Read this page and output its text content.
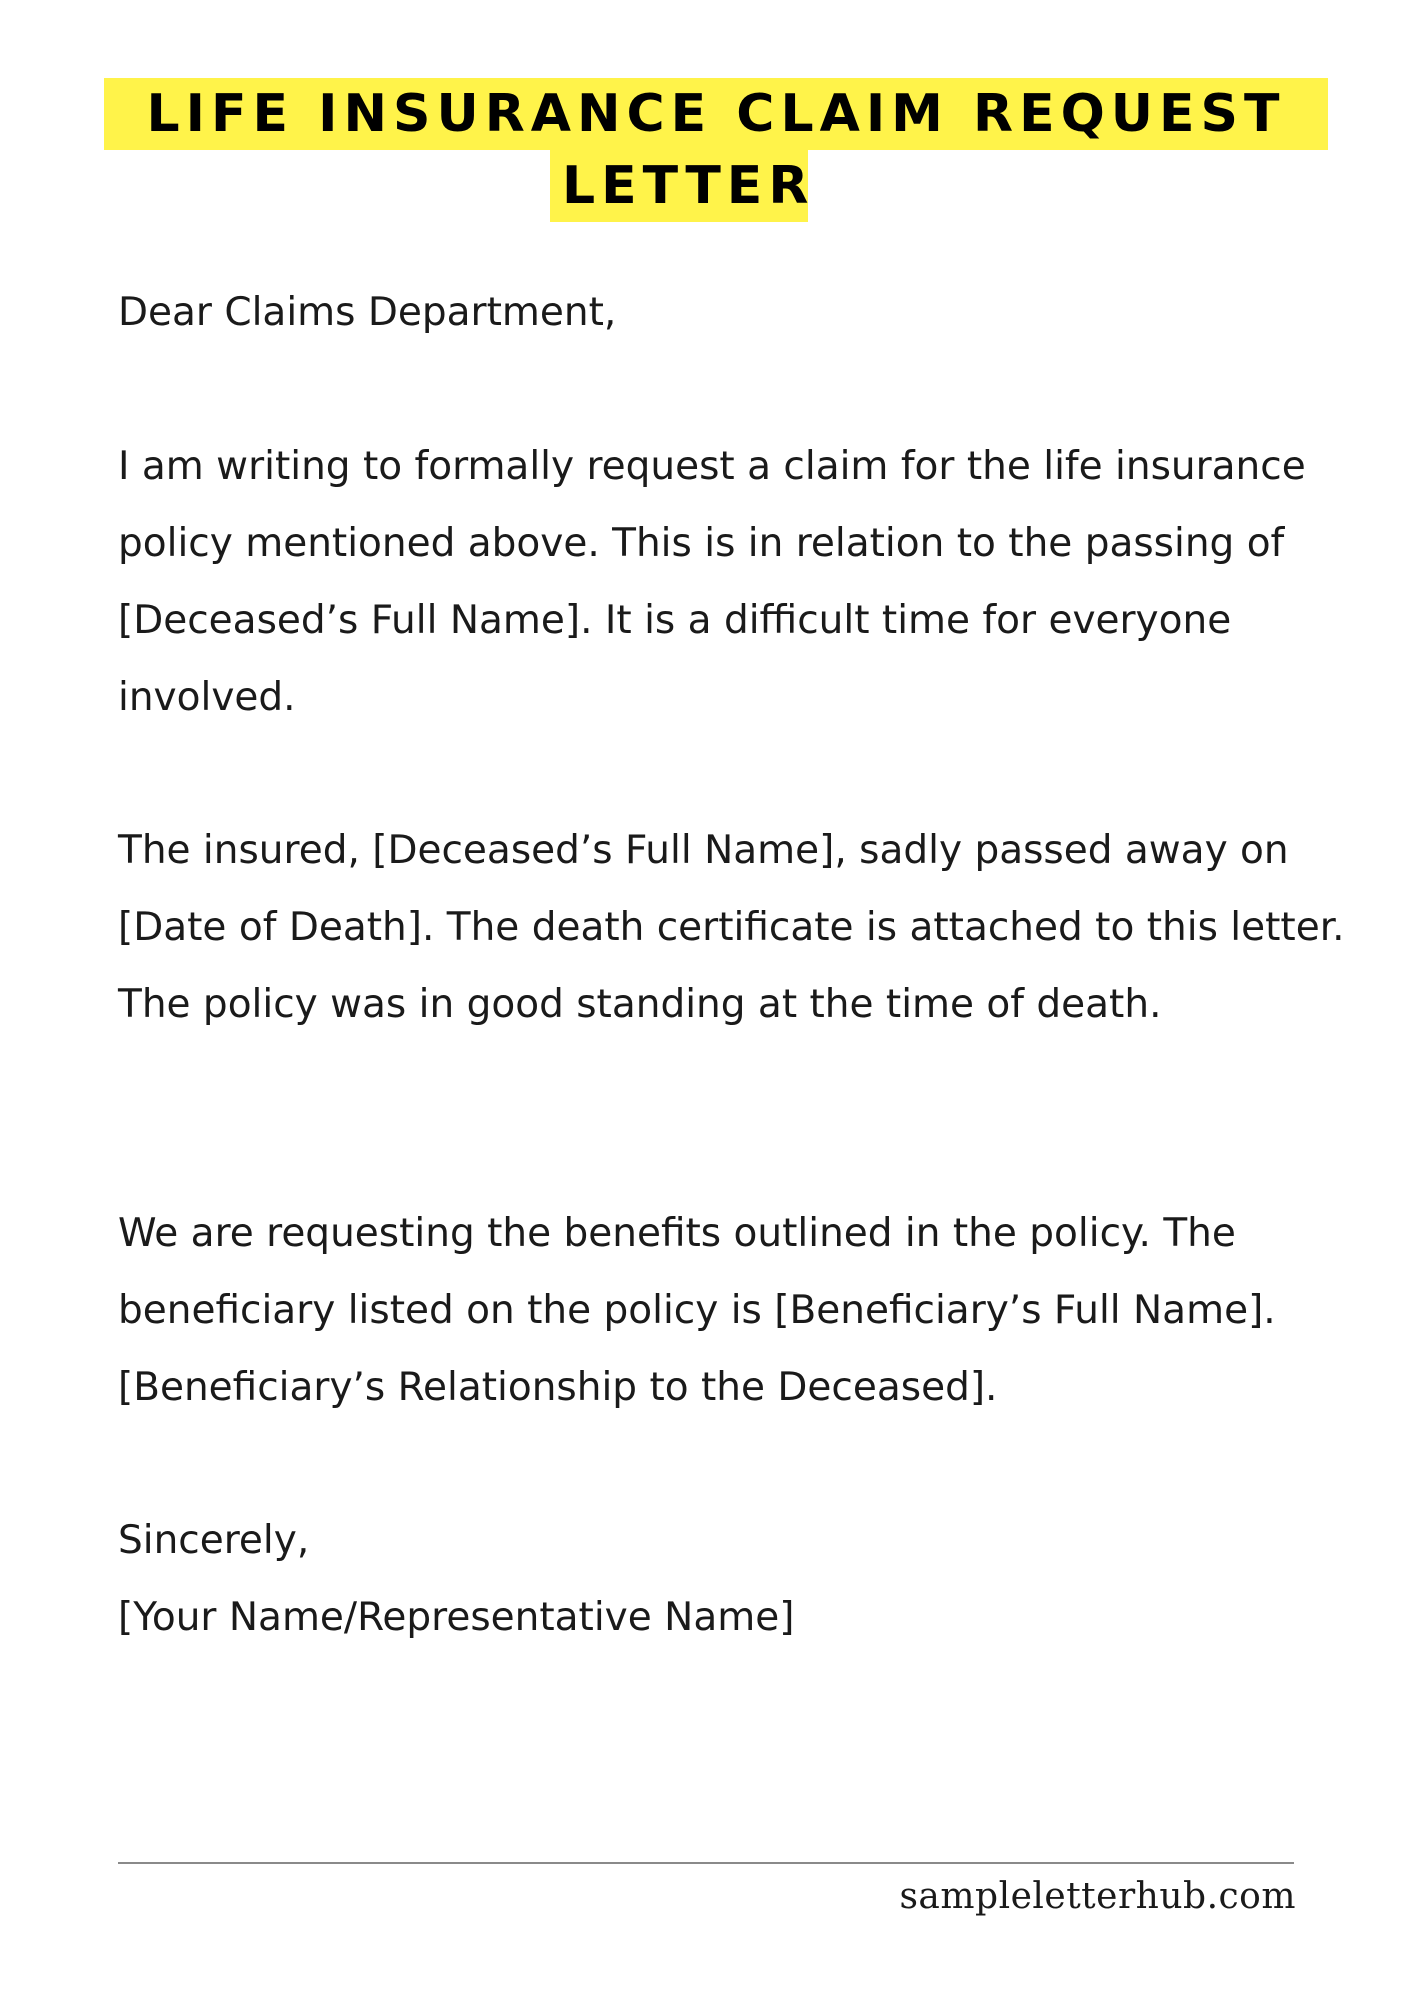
LIFE INSURANCE CLAIM REQUEST
LETTER

Dear Claims Department,

I am writing to formally request a claim for the life insurance policy mentioned above. This is in relation to the passing of [Deceased’s Full Name]. It is a difficult time for everyone involved.

The insured, [Deceased’s Full Name], sadly passed away on [Date of Death]. The death certificate is attached to this letter. The policy was in good standing at the time of death.

We are requesting the benefits outlined in the policy. The beneficiary listed on the policy is [Beneficiary’s Full Name]. [Beneficiary’s Relationship to the Deceased].

Sincerely,
[Your Name/Representative Name]
sampleletterhub.com
